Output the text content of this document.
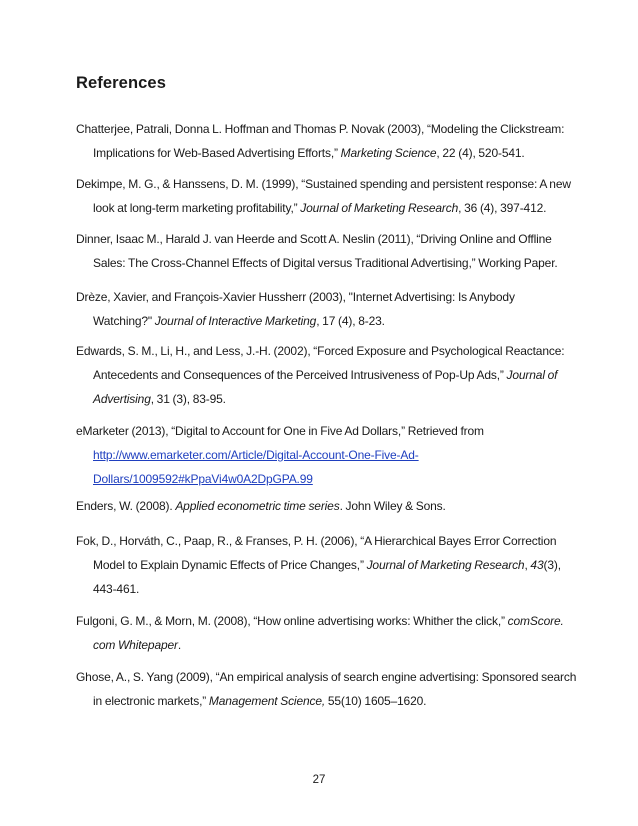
References
Chatterjee, Patrali, Donna L. Hoffman and Thomas P. Novak (2003), “Modeling the Clickstream:
Implications for Web-Based Advertising Efforts,” Marketing Science, 22 (4), 520-541.
Dekimpe, M. G., & Hanssens, D. M. (1999), “Sustained spending and persistent response: A new
look at long-term marketing profitability,” Journal of Marketing Research, 36 (4), 397-412.
Dinner, Isaac M., Harald J. van Heerde and Scott A. Neslin (2011), “Driving Online and Offline
Sales: The Cross-Channel Effects of Digital versus Traditional Advertising,” Working Paper.
Drèze, Xavier, and François-Xavier Hussherr (2003), "Internet Advertising: Is Anybody
Watching?" Journal of Interactive Marketing, 17 (4), 8-23.
Edwards, S. M., Li, H., and Less, J.-H. (2002), “Forced Exposure and Psychological Reactance:
Antecedents and Consequences of the Perceived Intrusiveness of Pop-Up Ads,” Journal of
Advertising, 31 (3), 83-95.
eMarketer (2013), “Digital to Account for One in Five Ad Dollars,” Retrieved from
http://www.emarketer.com/Article/Digital-Account-One-Five-Ad-
Dollars/1009592#kPpaVi4w0A2DpGPA.99
Enders, W. (2008). Applied econometric time series. John Wiley & Sons.
Fok, D., Horváth, C., Paap, R., & Franses, P. H. (2006), “A Hierarchical Bayes Error Correction
Model to Explain Dynamic Effects of Price Changes,” Journal of Marketing Research, 43(3),
443-461.
Fulgoni, G. M., & Morn, M. (2008), “How online advertising works: Whither the click,” comScore.
com Whitepaper.
Ghose, A., S. Yang (2009), “An empirical analysis of search engine advertising: Sponsored search
in electronic markets,” Management Science, 55(10) 1605–1620.
27
